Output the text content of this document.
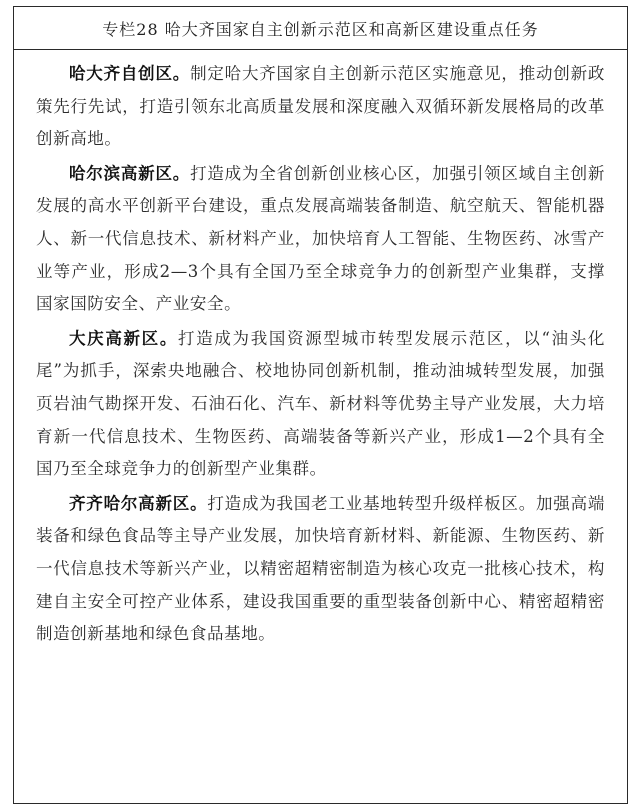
专栏28 哈大齐国家自主创新示范区和高新区建设重点任务

哈大齐自创区。制定哈大齐国家自主创新示范区实施意见，推动创新政策先行先试，打造引领东北高质量发展和深度融入双循环新发展格局的改革创新高地。

哈尔滨高新区。打造成为全省创新创业核心区，加强引领区域自主创新发展的高水平创新平台建设，重点发展高端装备制造、航空航天、智能机器人、新一代信息技术、新材料产业，加快培育人工智能、生物医药、冰雪产业等产业，形成2—3个具有全国乃至全球竞争力的创新型产业集群，支撑国家国防安全、产业安全。

大庆高新区。打造成为我国资源型城市转型发展示范区，以“油头化尾”为抓手，深索央地融合、校地协同创新机制，推动油城转型发展，加强页岩油气勘探开发、石油石化、汽车、新材料等优势主导产业发展，大力培育新一代信息技术、生物医药、高端装备等新兴产业，形成1—2个具有全国乃至全球竞争力的创新型产业集群。

齐齐哈尔高新区。打造成为我国老工业基地转型升级样板区。加强高端装备和绿色食品等主导产业发展，加快培育新材料、新能源、生物医药、新一代信息技术等新兴产业，以精密超精密制造为核心攻克一批核心技术，构建自主安全可控产业体系，建设我国重要的重型装备创新中心、精密超精密制造创新基地和绿色食品基地。
